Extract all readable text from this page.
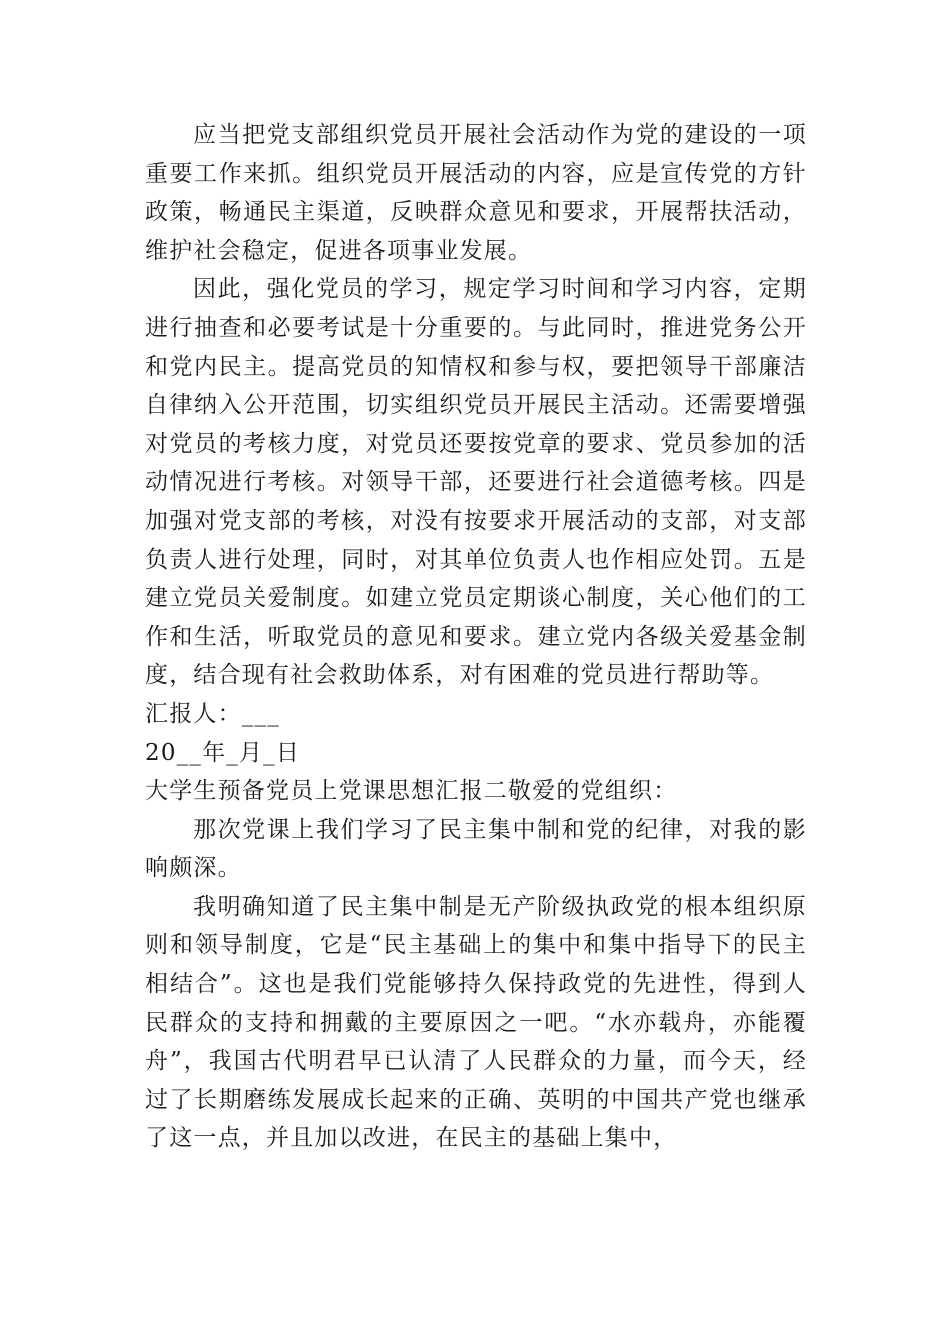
应当把党支部组织党员开展社会活动作为党的建设的一项重要工作来抓。组织党员开展活动的内容，应是宣传党的方针政策，畅通民主渠道，反映群众意见和要求，开展帮扶活动，维护社会稳定，促进各项事业发展。

因此，强化党员的学习，规定学习时间和学习内容，定期进行抽查和必要考试是十分重要的。与此同时，推进党务公开和党内民主。提高党员的知情权和参与权，要把领导干部廉洁自律纳入公开范围，切实组织党员开展民主活动。还需要增强对党员的考核力度，对党员还要按党章的要求、党员参加的活动情况进行考核。对领导干部，还要进行社会道德考核。四是加强对党支部的考核，对没有按要求开展活动的支部，对支部负责人进行处理，同时，对其单位负责人也作相应处罚。五是建立党员关爱制度。如建立党员定期谈心制度，关心他们的工作和生活，听取党员的意见和要求。建立党内各级关爱基金制度，结合现有社会救助体系，对有困难的党员进行帮助等。

汇报人：___

20__年_月_日

大学生预备党员上党课思想汇报二敬爱的党组织：

那次党课上我们学习了民主集中制和党的纪律，对我的影响颇深。

我明确知道了民主集中制是无产阶级执政党的根本组织原则和领导制度，它是“民主基础上的集中和集中指导下的民主相结合”。这也是我们党能够持久保持政党的先进性，得到人民群众的支持和拥戴的主要原因之一吧。“水亦载舟，亦能覆舟”，我国古代明君早已认清了人民群众的力量，而今天，经过了长期磨练发展成长起来的正确、英明的中国共产党也继承了这一点，并且加以改进，在民主的基础上集中，
